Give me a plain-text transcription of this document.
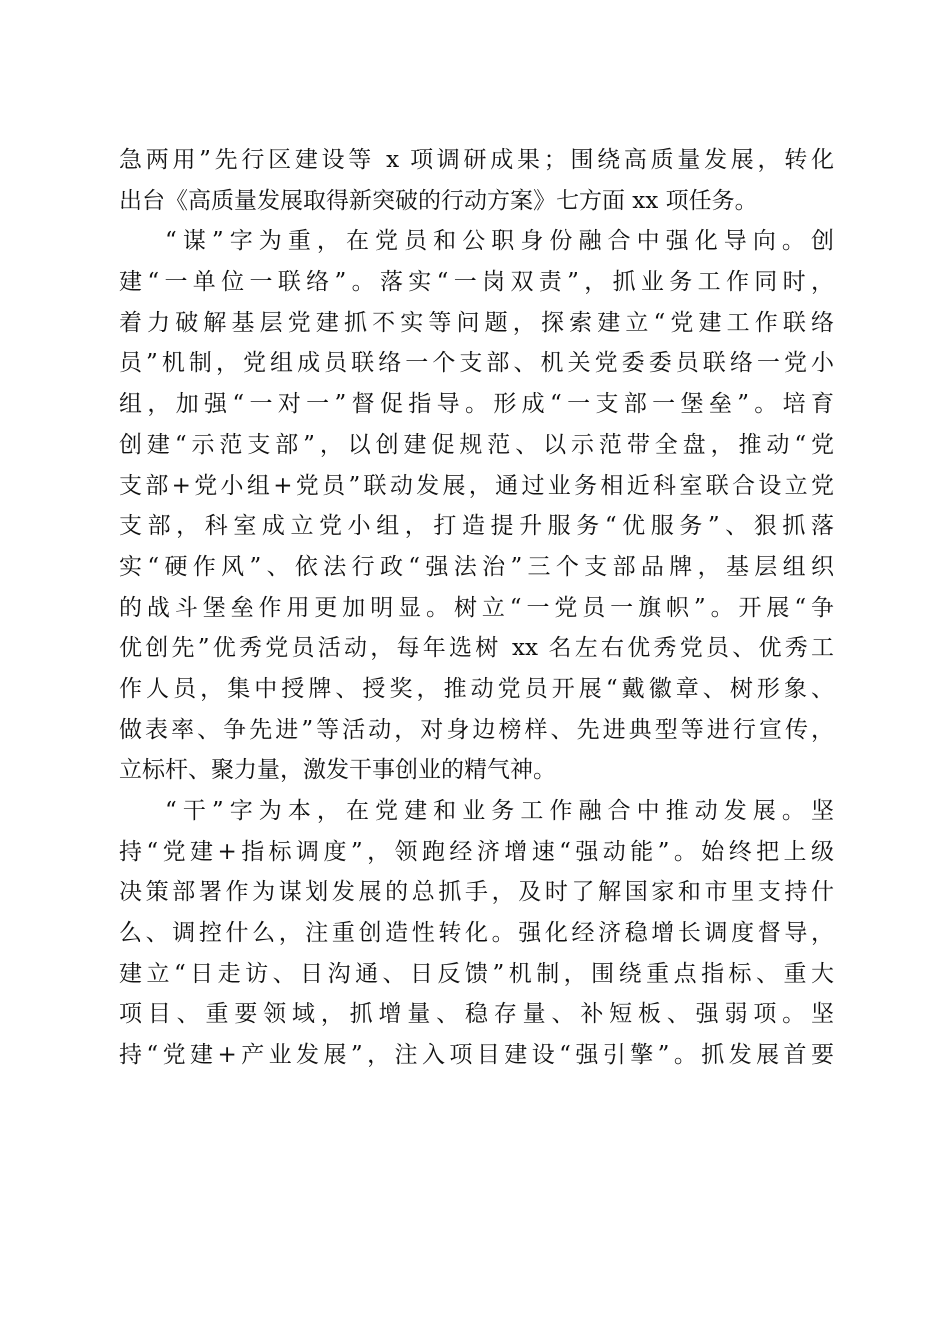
急两用”先行区建设等 x 项调研成果；围绕高质量发展，转化
出台《高质量发展取得新突破的行动方案》七方面 xx 项任务。
“谋”字为重，在党员和公职身份融合中强化导向。创
建“一单位一联络”。落实“一岗双责”，抓业务工作同时，
着力破解基层党建抓不实等问题，探索建立“党建工作联络
员”机制，党组成员联络一个支部、机关党委委员联络一党小
组，加强“一对一”督促指导。形成“一支部一堡垒”。培育
创建“示范支部”，以创建促规范、以示范带全盘，推动“党
支部+党小组+党员”联动发展，通过业务相近科室联合设立党
支部，科室成立党小组，打造提升服务“优服务”、狠抓落
实“硬作风”、依法行政“强法治”三个支部品牌，基层组织
的战斗堡垒作用更加明显。树立“一党员一旗帜”。开展“争
优创先”优秀党员活动，每年选树 xx 名左右优秀党员、优秀工
作人员，集中授牌、授奖，推动党员开展“戴徽章、树形象、
做表率、争先进”等活动，对身边榜样、先进典型等进行宣传，
立标杆、聚力量，激发干事创业的精气神。
“干”字为本，在党建和业务工作融合中推动发展。坚
持“党建+指标调度”，领跑经济增速“强动能”。始终把上级
决策部署作为谋划发展的总抓手，及时了解国家和市里支持什
么、调控什么，注重创造性转化。强化经济稳增长调度督导，
建立“日走访、日沟通、日反馈”机制，围绕重点指标、重大
项目、重要领域，抓增量、稳存量、补短板、强弱项。坚
持“党建+产业发展”，注入项目建设“强引擎”。抓发展首要
